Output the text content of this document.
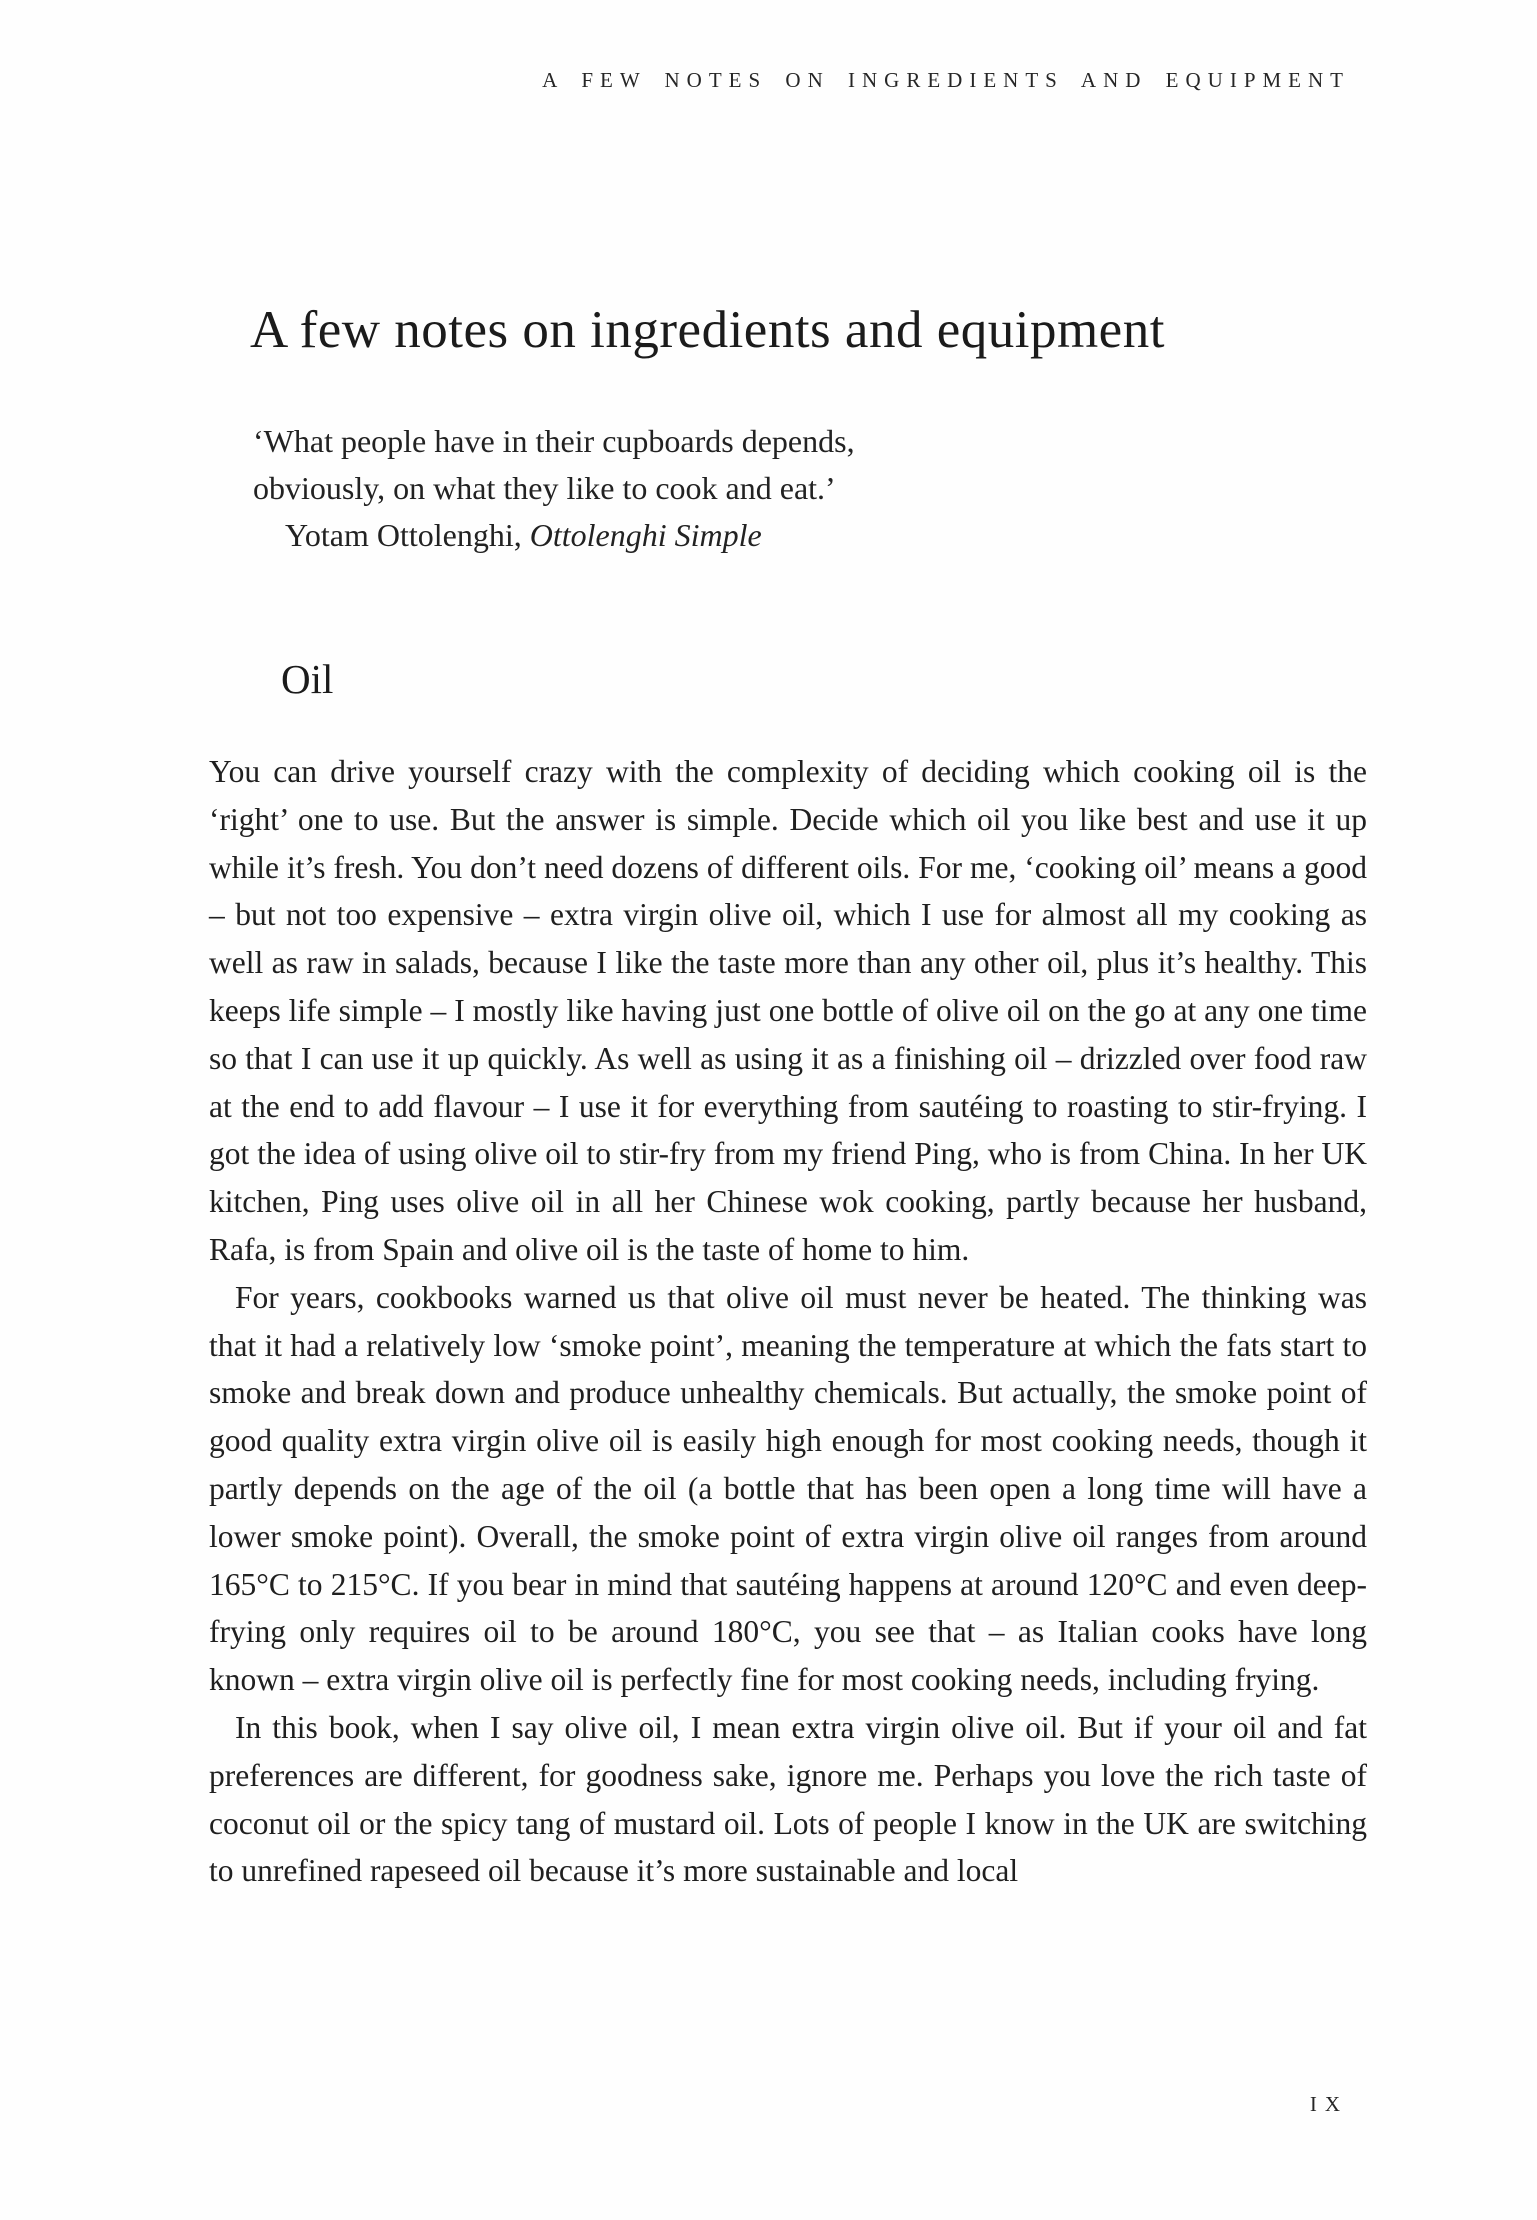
A FEW NOTES ON INGREDIENTS AND EQUIPMENT
A few notes on ingredients and equipment
‘What people have in their cupboards depends,
obviously, on what they like to cook and eat.’
Yotam Ottolenghi, Ottolenghi Simple
Oil

You can drive yourself crazy with the complexity of deciding which cooking oil is the ‘right’ one to use. But the answer is simple. Decide which oil you like best and use it up while it’s fresh. You don’t need dozens of different oils. For me, ‘cooking oil’ means a good – but not too expensive – extra virgin olive oil, which I use for almost all my cooking as well as raw in salads, because I like the taste more than any other oil, plus it’s healthy. This keeps life simple – I mostly like having just one bottle of olive oil on the go at any one time so that I can use it up quickly. As well as using it as a finishing oil – drizzled over food raw at the end to add flavour – I use it for everything from sautéing to roasting to stir-frying. I got the idea of using olive oil to stir-fry from my friend Ping, who is from China. In her UK kitchen, Ping uses olive oil in all her Chinese wok cooking, partly because her husband, Rafa, is from Spain and olive oil is the taste of home to him.

For years, cookbooks warned us that olive oil must never be heated. The thinking was that it had a relatively low ‘smoke point’, meaning the temperature at which the fats start to smoke and break down and produce unhealthy chemicals. But actually, the smoke point of good quality extra virgin olive oil is easily high enough for most cooking needs, though it partly depends on the age of the oil (a bottle that has been open a long time will have a lower smoke point). Overall, the smoke point of extra virgin olive oil ranges from around 165°C to 215°C. If you bear in mind that sautéing happens at around 120°C and even deep-frying only requires oil to be around 180°C, you see that – as Italian cooks have long known – extra virgin olive oil is perfectly fine for most cooking needs, including frying.

In this book, when I say olive oil, I mean extra virgin olive oil. But if your oil and fat preferences are different, for goodness sake, ignore me. Perhaps you love the rich taste of coconut oil or the spicy tang of mustard oil. Lots of people I know in the UK are switching to unrefined rapeseed oil because it’s more sustainable and local

IX
